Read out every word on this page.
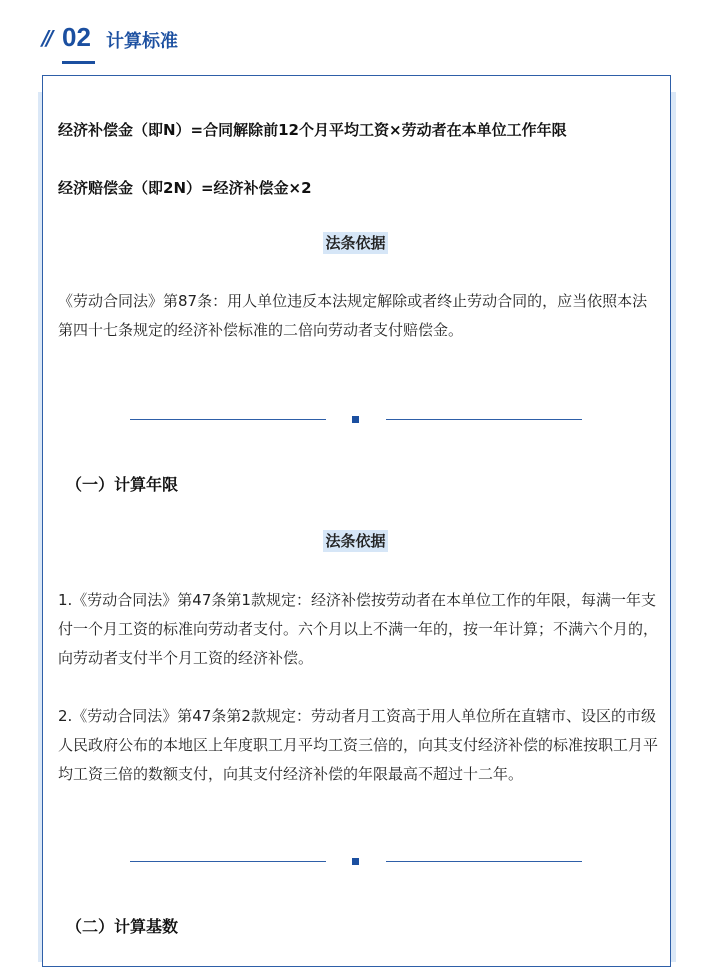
// 02 计算标准
经济补偿金（即N）=合同解除前12个月平均工资×劳动者在本单位工作年限
经济赔偿金（即2N）=经济补偿金×2
法条依据
《劳动合同法》第87条：用人单位违反本法规定解除或者终止劳动合同的，应当依照本法第四十七条规定的经济补偿标准的二倍向劳动者支付赔偿金。
（一）计算年限
法条依据
1.《劳动合同法》第47条第1款规定：经济补偿按劳动者在本单位工作的年限，每满一年支付一个月工资的标准向劳动者支付。六个月以上不满一年的，按一年计算；不满六个月的，向劳动者支付半个月工资的经济补偿。
2.《劳动合同法》第47条第2款规定：劳动者月工资高于用人单位所在直辖市、设区的市级人民政府公布的本地区上年度职工月平均工资三倍的，向其支付经济补偿的标准按职工月平均工资三倍的数额支付，向其支付经济补偿的年限最高不超过十二年。
（二）计算基数
